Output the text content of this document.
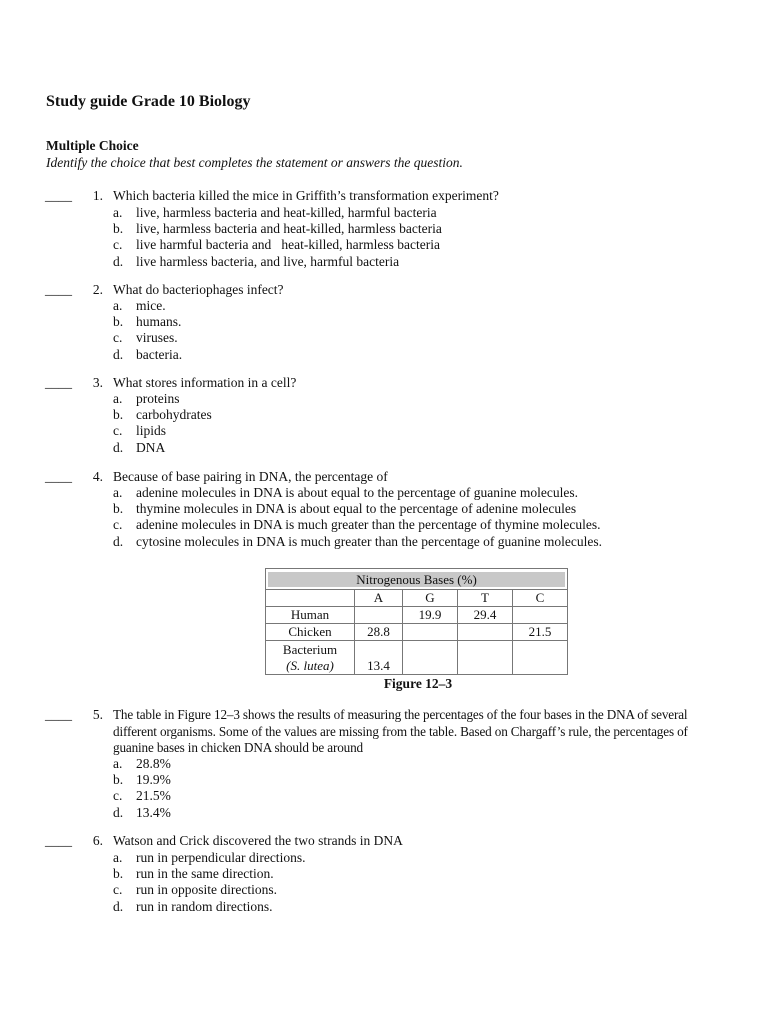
Study guide Grade 10 Biology
Multiple Choice
Identify the choice that best completes the statement or answers the question.
____	1. Which bacteria killed the mice in Griffith’s transformation experiment?
a. live, harmless bacteria and heat-killed, harmful bacteria
b. live, harmless bacteria and heat-killed, harmless bacteria
c. live harmful bacteria and   heat-killed, harmless bacteria
d. live harmless bacteria, and live, harmful bacteria
____	2. What do bacteriophages infect?
a. mice.
b. humans.
c. viruses.
d. bacteria.
____	3. What stores information in a cell?
a. proteins
b. carbohydrates
c. lipids
d. DNA
____	4. Because of base pairing in DNA, the percentage of
a. adenine molecules in DNA is about equal to the percentage of guanine molecules.
b. thymine molecules in DNA is about equal to the percentage of adenine molecules
c. adenine molecules in DNA is much greater than the percentage of thymine molecules.
d. cytosine molecules in DNA is much greater than the percentage of guanine molecules.
Nitrogenous Bases (%)				

	A	G	T	C
Human		19.9	29.4	
Chicken	28.8			21.5

Bacterium
(S. lutea)	13.4			
Figure 12–3
____	5. The table in Figure 12–3 shows the results of measuring the percentages of the four bases in the DNA of several different organisms. Some of the values are missing from the table. Based on Chargaff’s rule, the percentages of guanine bases in chicken DNA should be around
a. 28.8%
b. 19.9%
c. 21.5%
d. 13.4%
____	6. Watson and Crick discovered the two strands in DNA
a. run in perpendicular directions.
b. run in the same direction.
c. run in opposite directions.
d. run in random directions.
